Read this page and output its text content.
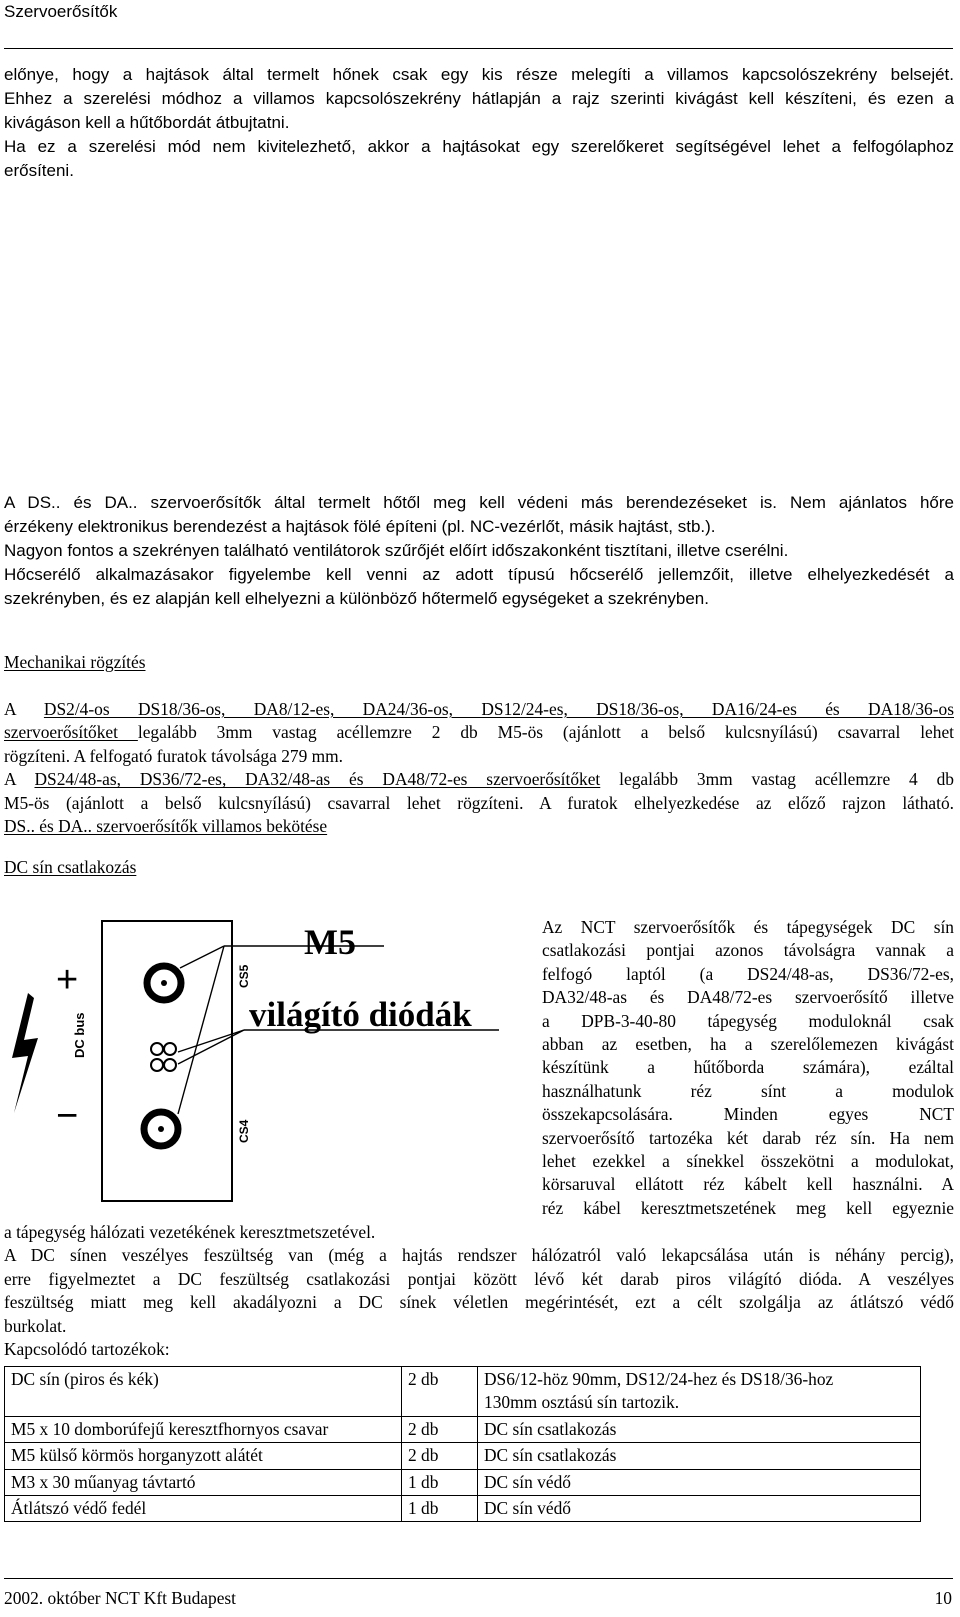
Szervoerősítők
előnye, hogy a hajtások által termelt hőnek csak egy kis része melegíti a villamos kapcsolószekrény belsejét.
Ehhez a szerelési módhoz a villamos kapcsolószekrény hátlapján a rajz szerinti kivágást kell készíteni, és ezen a
kivágáson kell a hűtőbordát átbujtatni.
Ha ez a szerelési mód nem kivitelezhető, akkor a hajtásokat egy szerelőkeret segítségével lehet a felfogólaphoz
erősíteni.
A DS.. és DA.. szervoerősítők által termelt hőtől meg kell védeni más berendezéseket is. Nem ajánlatos hőre
érzékeny elektronikus berendezést a hajtások fölé építeni (pl. NC-vezérlőt, másik hajtást, stb.).
Nagyon fontos a szekrényen található ventilátorok szűrőjét előírt időszakonként tisztítani, illetve cserélni.
Hőcserélő alkalmazásakor figyelembe kell venni az adott típusú hőcserélő jellemzőit, illetve elhelyezkedését a
szekrényben, és ez alapján kell elhelyezni a különböző hőtermelő egységeket a szekrényben.
Mechanikai rögzítés
A DS2/4-os DS18/36-os, DA8/12-es, DA24/36-os, DS12/24-es, DS18/36-os, DA16/24-es és DA18/36-os
szervoerősítőket legalább 3mm vastag acéllemzre 2 db M5-ös (ajánlott a belső kulcsnyílású) csavarral lehet
rögzíteni. A felfogató furatok távolsága 279 mm.
A DS24/48-as, DS36/72-es, DA32/48-as és DA48/72-es szervoerősítőket legalább 3mm vastag acéllemzre 4 db
M5-ös (ajánlott a belső kulcsnyílású) csavarral lehet rögzíteni. A furatok elhelyezkedése az előző rajzon látható.
DS.. és DA.. szervoerősítők villamos bekötése
DC sín csatlakozás
+
−
DC bus
CS5
CS4
M5
világító diódák
Az NCT szervoerősítők és tápegységek DC sín
csatlakozási pontjai azonos távolságra vannak a
felfogó laptól (a DS24/48-as, DS36/72-es,
DA32/48-as és DA48/72-es szervoerősítő illetve
a DPB-3-40-80 tápegység moduloknál csak
abban az esetben, ha a szerelőlemezen kivágást
készítünk a hűtőborda számára), ezáltal
használhatunk réz sínt a modulok
összekapcsolására. Minden egyes NCT
szervoerősítő tartozéka két darab réz sín. Ha nem
lehet ezekkel a sínekkel összekötni a modulokat,
körsaruval ellátott réz kábelt kell használni. A
réz kábel keresztmetszetének meg kell egyeznie
a tápegység hálózati vezetékének keresztmetszetével.
A DC sínen veszélyes feszültség van (még a hajtás rendszer hálózatról való lekapcsálása után is néhány percig),
erre figyelmeztet a DC feszültség csatlakozási pontjai között lévő két darab piros világító dióda. A veszélyes
feszültség miatt meg kell akadályozni a DC sínek véletlen megérintését, ezt a célt szolgálja az átlátszó védő
burkolat.
Kapcsolódó tartozékok:
DC sín (piros és kék)	2 db	DS6/12-höz 90mm, DS12/24-hez és DS18/36-hoz
130mm osztású sín tartozik.

M5 x 10 domborúfejű keresztfhornyos csavar	2 db	DC sín csatlakozás
M5 külső körmös horganyzott alátét	2 db	DC sín csatlakozás
M3 x 30 műanyag távtartó	1 db	DC sín védő
Átlátszó védő fedél	1 db	DC sín védő
2002. október NCT Kft Budapest	10
